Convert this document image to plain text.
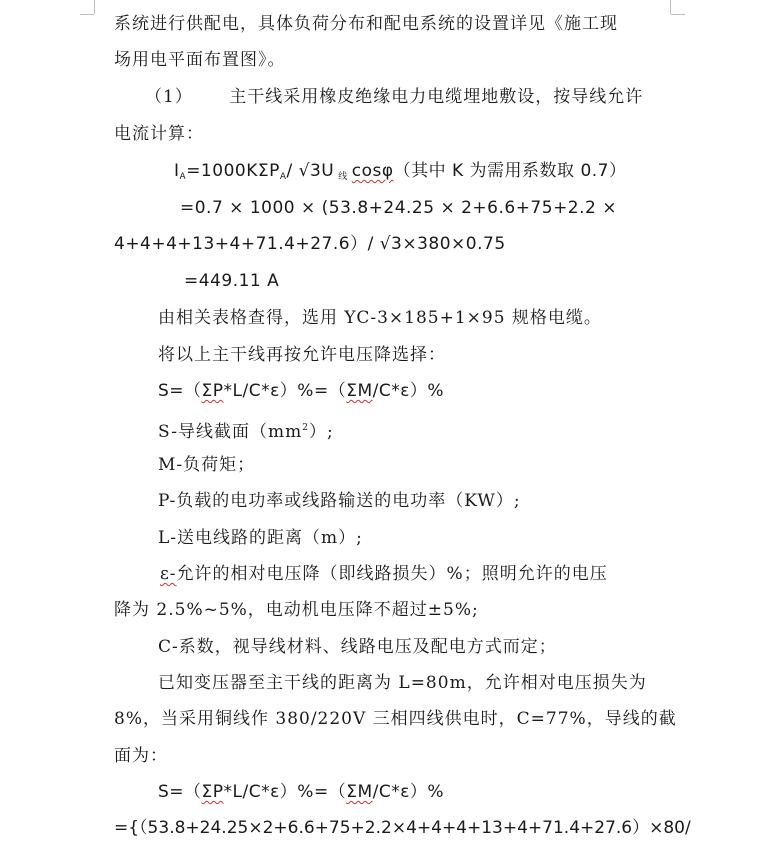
系统进行供配电，具体负荷分布和配电系统的设置详见《施工现
场用电平面布置图》。
（1） 主干线采用橡皮绝缘电力电缆埋地敷设，按导线允许
电流计算：
IA=1000KΣPA/ √3U 线 cosφ（其中 K 为需用系数取 0.7）
=0.7 × 1000 × (53.8+24.25 × 2+6.6+75+2.2 ×
4+4+4+13+4+71.4+27.6）/ √3×380×0.75
=449.11 A
由相关表格查得，选用 YC-3×185+1×95 规格电缆。
将以上主干线再按允许电压降选择：
S=（ΣP*L/C*ε）%=（ΣM/C*ε）%
S-导线截面（mm2）;
M-负荷矩；
P-负载的电功率或线路输送的电功率（KW）;
L-送电线路的距离（m）;
ε-允许的相对电压降（即线路损失）%；照明允许的电压
降为 2.5%~5%，电动机电压降不超过±5%;
C-系数，视导线材料、线路电压及配电方式而定；
已知变压器至主干线的距离为 L=80m，允许相对电压损失为
8%，当采用铜线作 380/220V 三相四线供电时，C=77%，导线的截
面为：
S=（ΣP*L/C*ε）%=（ΣM/C*ε）%
={（53.8+24.25×2+6.6+75+2.2×4+4+4+13+4+71.4+27.6）×80/
